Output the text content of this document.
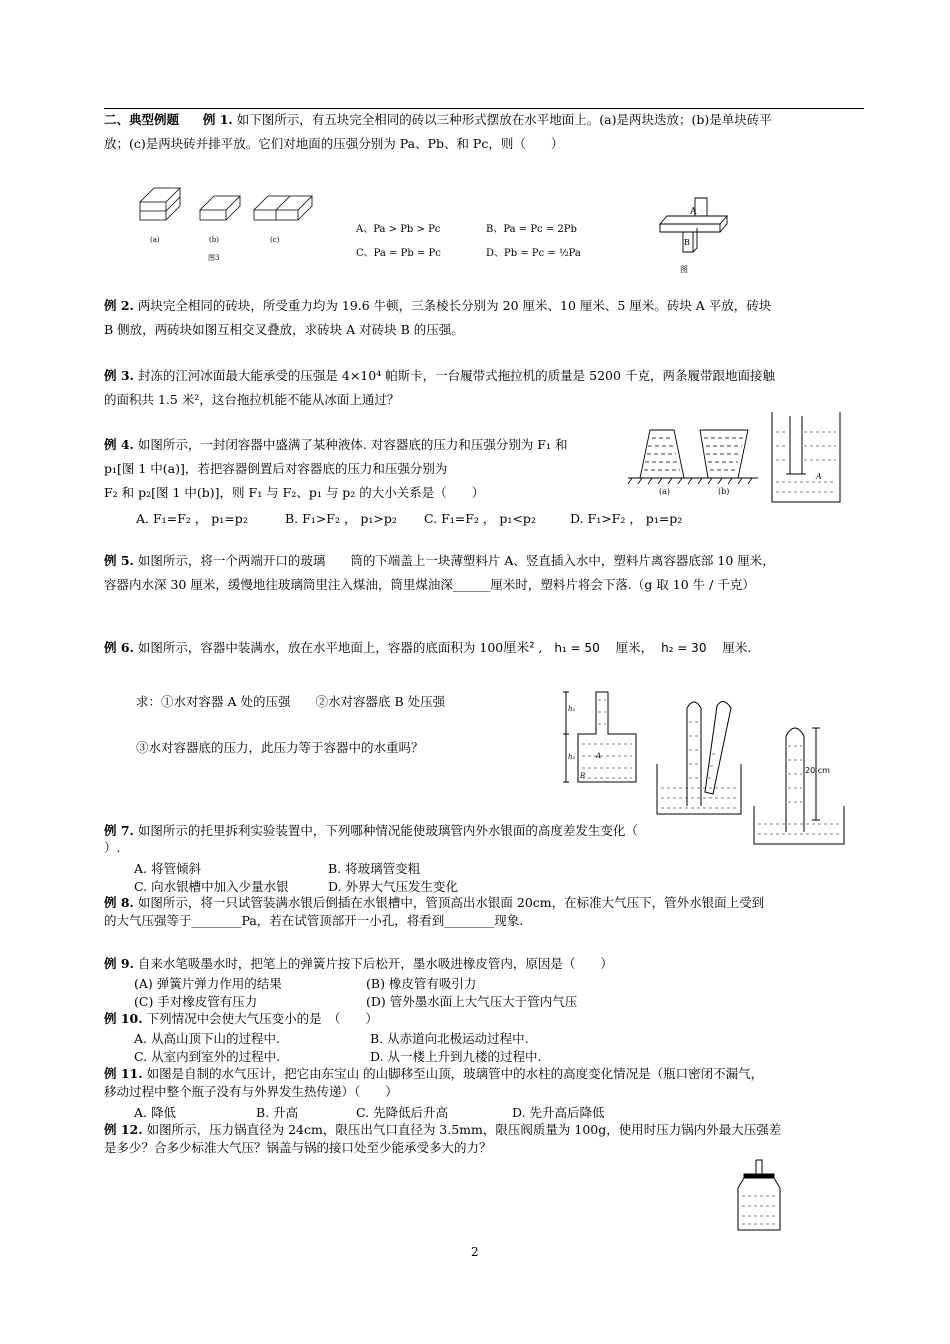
二、典型例题 例 1. 如下图所示，有五块完全相同的砖以三种形式摆放在水平地面上。(a)是两块迭放；(b)是单块砖平
放；(c)是两块砖并排平放。它们对地面的压强分别为 Pa、Pb、和 Pc，则（　　）
(a)	(b)	(c)
图3
A、Pa > Pb > Pc	B、Pa = Pc = 2Pb
C、Pa = Pb = Pc	D、Pb = Pc = ½Pa
A
B
图
例 2. 两块完全相同的砖块，所受重力均为 19.6 牛顿，三条棱长分别为 20 厘米、10 厘米、5 厘米。砖块 A 平放，砖块
B 侧放，两砖块如图互相交叉叠放，求砖块 A 对砖块 B 的压强。
例 3. 封冻的江河冰面最大能承受的压强是 4×10⁴ 帕斯卡，一台履带式拖拉机的质量是 5200 千克，两条履带跟地面接触
的面积共 1.5 米²，这台拖拉机能不能从冰面上通过？
例 4. 如图所示，一封闭容器中盛满了某种液体. 对容器底的压力和压强分别为 F₁ 和
p₁[图 1 中(a)]，若把容器倒置后对容器底的压力和压强分别为
F₂ 和 p₂[图 1 中(b)]，则 F₁ 与 F₂、p₁ 与 p₂ 的大小关系是（　　）
A. F₁=F₂ ， p₁=p₂	B. F₁>F₂ ， p₁>p₂ C. F₁=F₂ ， p₁<p₂	D. F₁>F₂ ， p₁=p₂
(a)	(b)
A
例 5. 如图所示，将一个两端开口的玻璃　　筒的下端盖上一块薄塑料片 A、竖直插入水中，塑料片离容器底部 10 厘米，
容器内水深 30 厘米，缓慢地往玻璃筒里注入煤油，筒里煤油深______厘米时，塑料片将会下落.（g 取 10 牛 / 千克）
例 6. 如图所示，容器中装满水，放在水平地面上，容器的底面积为 100厘米² ,   h₁ = 50 厘米， h₂ = 30 厘米.
求：①水对容器 A 处的压强　　②水对容器底 B 处压强
③水对容器底的压力，此压力等于容器中的水重吗？
h₁
h₂	A
B
20 cm
例 7. 如图所示的托里拆利实验装置中，下列哪种情况能使玻璃管内外水银面的高度差发生变化（
）.
A. 将管倾斜	B. 将玻璃管变粗
C. 向水银槽中加入少量水银	D. 外界大气压发生变化
例 8. 如图所示，将一只试管装满水银后倒插在水银槽中，管顶高出水银面 20cm，在标准大气压下，管外水银面上受到
的大气压强等于________Pa，若在试管顶部开一小孔，将看到________现象.
例 9. 自来水笔吸墨水时，把笔上的弹簧片按下后松开，墨水吸进橡皮管内，原因是（　　）
(A) 弹簧片弹力作用的结果	(B) 橡皮管有吸引力
(C) 手对橡皮管有压力	(D) 管外墨水面上大气压大于管内气压
例 10. 下列情况中会使大气压变小的是　（　　）
A. 从高山顶下山的过程中.	B. 从赤道向北极运动过程中.
C. 从室内到室外的过程中.	D. 从一楼上升到九楼的过程中.
例 11. 如图是自制的水气压计，把它由东宝山 的山脚移至山顶，玻璃管中的水柱的高度变化情况是（瓶口密闭不漏气，
移动过程中整个瓶子没有与外界发生热传递）（　　）
A. 降低	B. 升高	C. 先降低后升高	D. 先升高后降低
例 12. 如图所示，压力锅直径为 24cm，限压出气口直径为 3.5mm，限压阀质量为 100g，使用时压力锅内外最大压强差
是多少？合多少标准大气压？锅盖与锅的接口处至少能承受多大的力？
2
